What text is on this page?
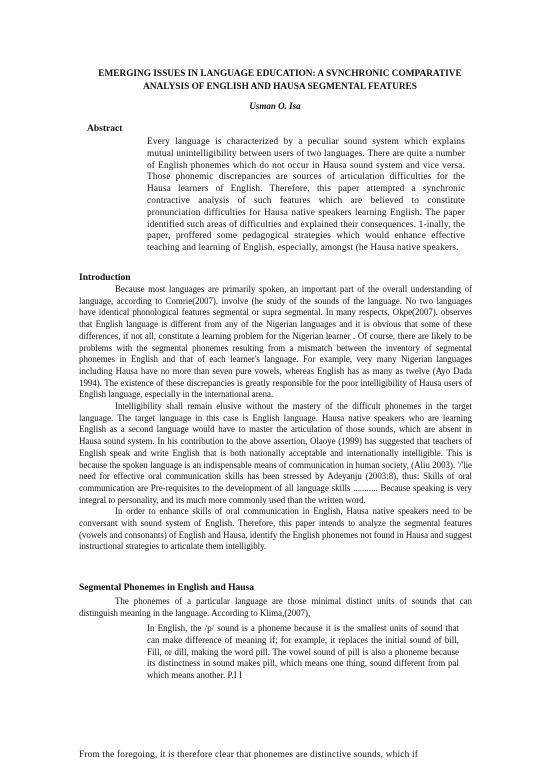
EMERGING ISSUES IN LANGUAGE EDUCATION: A SVNCHRONIC COMPARATIVE
ANALYSIS OF ENGLISH AND HAUSA SEGMENTAL FEATURES
Usman O. Isa
Abstract
Every language is characterized by a peculiar sound system which explains mutual unintelligibility between users of two languages. There are quite a number of English phonemes which do not occur in Hausa sound system and vice versa. Those phonemic discrepancies are sources of articulation difficulties for the Hausa learners of English. Therefore, this paper attempted a synchronic contractive analysis of such features which are believed to constitute pronunciation difficulties for Hausa native speakers learning English. The paper identified such areas of difficulties and explained their consequences. 1-inally, the paper, proffered some pedagogical strategies which would enhance effective teaching and learning of English, especially, amongst (he Hausa native speakers.
Introduction

Because most languages are primarily spoken, an important part of the overall understanding of language, according to Comrie(2007). involve (he study of the sounds of the language. No two languages have identical phonological features segmental or supra segmental. In many respects, Okpe(2007). observes that English language is different from any of the Nigerian languages and it is obvious that some of these differences, if not all, constitute a learning problem for the Nigerian learner . Of course, there are likely to be problems with the segmental phonemes resulting from a mismatch between the inventory of segmental phonemes in English and that of each learner's language. For example, very many Nigerian languages including Hausa have no more than seven pure vowels, whereas English has as many as twelve (Ayo Dada 1994). The existence of these discrepancies is greatly responsible for the poor intelligibility of Hausa users of English language, especially in the international arena.

Intelligibility shall remain elusive without the mastery of the difficult phonemes in the target language. The target language in this case is English language. Hausa native speakers who are learning English as a second language would have to master the articulation of those sounds, which are absent in Hausa sound system. In his contribution to the above assertion, Olaoye (1999) has suggested that teachers of English speak and write English that is both nationally acceptable and internationally intelligible. This is because the spoken language is an indispensable means of communication in human society, (Aliu 2003). '/'lie need for effective oral communication skills has been stressed by Adeyanju (2003:8), thus: Skills of oral communication are Pre-requisites to the development of all language skills ........... Because speaking is very integral to personality, and its much more commonly used than the written word.

In order to enhance skills of oral communication in English, Hausa native speakers need to be conversant with sound system of English. Therefore, this paper intends to analyze the segmental features (vowels and consonants) of English and Hausa, identify the English phonemes not found in Hausa and suggest instructional strategies to articulate them intelligibly.

Segmental Phonemes in English and Hausa

The phonemes of a particular language are those minimal distinct units of sounds that can distinguish meaning in the language. According to Klima,(2007),

In English, the /p/ sound is a phoneme because it is the smallest units of sound that can make difference of meaning if; for example, it replaces the initial sound of bill, Fill, or dill, making the word pill. The vowel sound of pill is also a phoneme because its distinctness in sound makes pill, which means one thing, sound different from pal which means another. P.I I
From the foregoing, it is therefore clear that phonemes are distinctive sounds, which if
